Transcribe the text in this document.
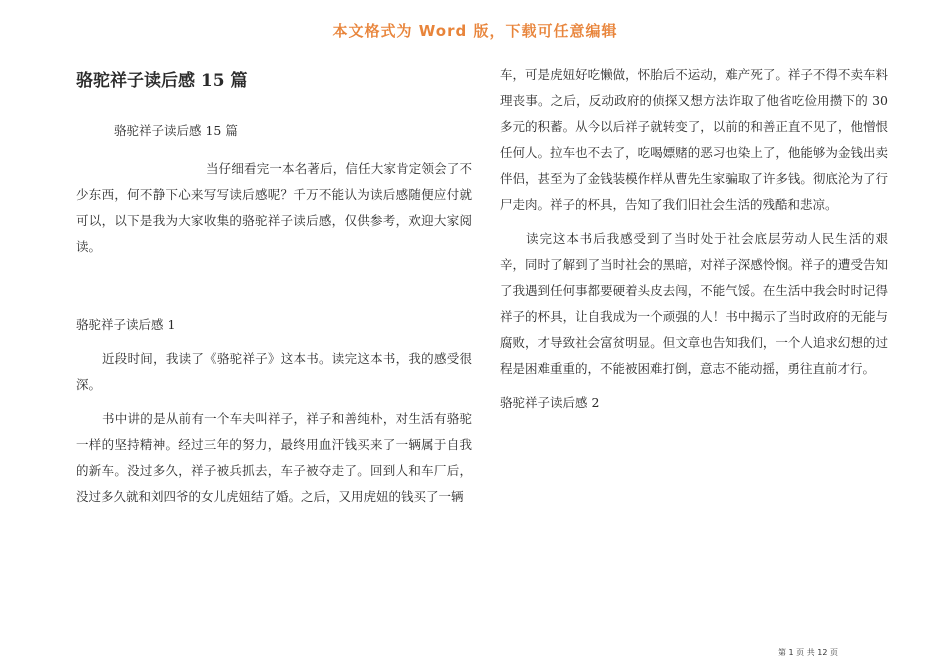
本文格式为 Word 版，下载可任意编辑
骆驼祥子读后感 15 篇
骆驼祥子读后感 15 篇

当仔细看完一本名著后，信任大家肯定领会了不少东西，何不静下心来写写读后感呢？千万不能认为读后感随便应付就可以，以下是我为大家收集的骆驼祥子读后感，仅供参考，欢迎大家阅读。

骆驼祥子读后感 1

近段时间，我读了《骆驼祥子》这本书。读完这本书，我的感受很深。

书中讲的是从前有一个车夫叫祥子，祥子和善纯朴，对生活有骆驼一样的坚持精神。经过三年的努力，最终用血汗钱买来了一辆属于自我的新车。没过多久，祥子被兵抓去，车子被夺走了。回到人和车厂后，没过多久就和刘四爷的女儿虎妞结了婚。之后，又用虎妞的钱买了一辆

车，可是虎妞好吃懒做，怀胎后不运动，难产死了。祥子不得不卖车料理丧事。之后，反动政府的侦探又想方法诈取了他省吃俭用攒下的 30 多元的积蓄。从今以后祥子就转变了，以前的和善正直不见了，他憎恨任何人。拉车也不去了，吃喝嫖赌的恶习也染上了，他能够为金钱出卖伴侣，甚至为了金钱装模作样从曹先生家骗取了许多钱。彻底沦为了行尸走肉。祥子的杯具，告知了我们旧社会生活的残酷和悲凉。

读完这本书后我感受到了当时处于社会底层劳动人民生活的艰辛，同时了解到了当时社会的黑暗，对祥子深感怜悯。祥子的遭受告知了我遇到任何事都要硬着头皮去闯，不能气馁。在生活中我会时时记得祥子的杯具，让自我成为一个顽强的人！书中揭示了当时政府的无能与腐败，才导致社会富贫明显。但文章也告知我们，一个人追求幻想的过程是困难重重的，不能被困难打倒，意志不能动摇，勇往直前才行。

骆驼祥子读后感 2
第 1 页 共 12 页
